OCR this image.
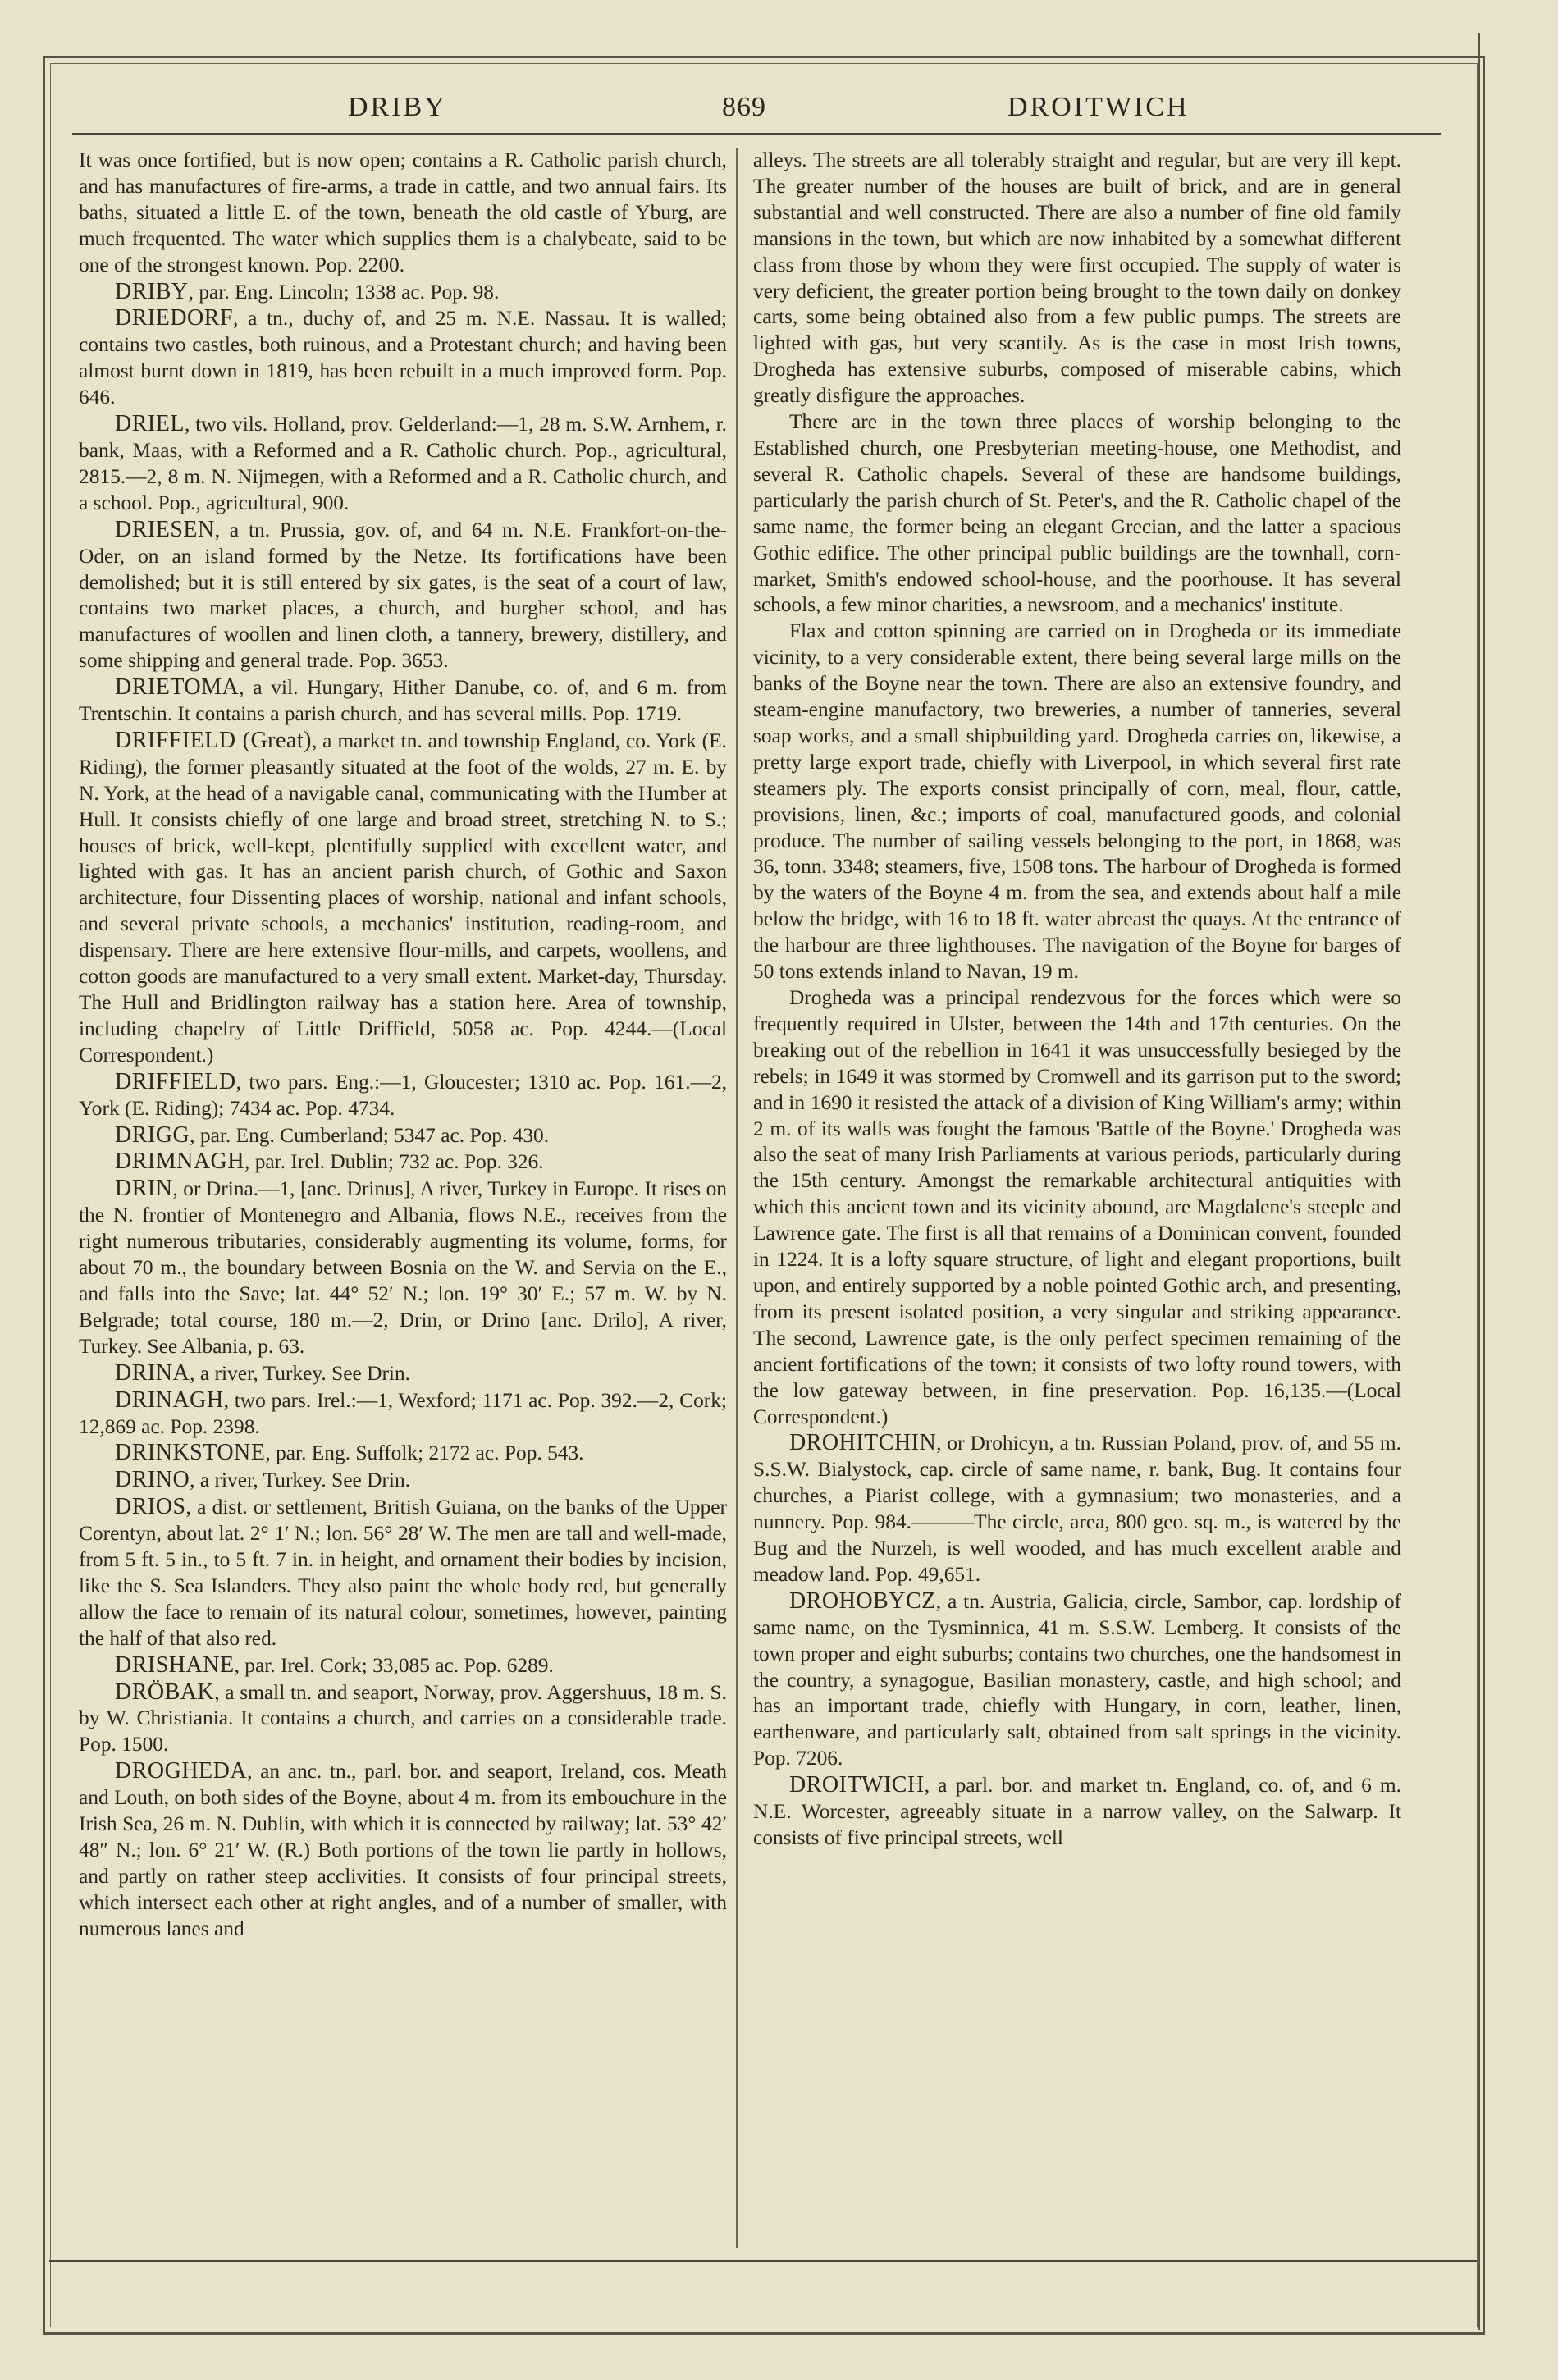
DRIBY	869	DROITWICH

It was once fortified, but is now open; contains a R. Catholic parish church, and has manufactures of fire-arms, a trade in cattle, and two annual fairs. Its baths, situated a little E. of the town, beneath the old castle of Yburg, are much frequented. The water which supplies them is a chalybeate, said to be one of the strongest known. Pop. 2200.

DRIBY, par. Eng. Lincoln; 1338 ac. Pop. 98.

DRIEDORF, a tn., duchy of, and 25 m. N.E. Nassau. It is walled; contains two castles, both ruinous, and a Protestant church; and having been almost burnt down in 1819, has been rebuilt in a much improved form. Pop. 646.

DRIEL, two vils. Holland, prov. Gelderland:—1, 28 m. S.W. Arnhem, r. bank, Maas, with a Reformed and a R. Catholic church. Pop., agricultural, 2815.—2, 8 m. N. Nijmegen, with a Reformed and a R. Catholic church, and a school. Pop., agricultural, 900.

DRIESEN, a tn. Prussia, gov. of, and 64 m. N.E. Frankfort-on-the-Oder, on an island formed by the Netze. Its fortifications have been demolished; but it is still entered by six gates, is the seat of a court of law, contains two market places, a church, and burgher school, and has manufactures of woollen and linen cloth, a tannery, brewery, distillery, and some shipping and general trade. Pop. 3653.

DRIETOMA, a vil. Hungary, Hither Danube, co. of, and 6 m. from Trentschin. It contains a parish church, and has several mills. Pop. 1719.

DRIFFIELD (Great), a market tn. and township England, co. York (E. Riding), the former pleasantly situated at the foot of the wolds, 27 m. E. by N. York, at the head of a navigable canal, communicating with the Humber at Hull. It consists chiefly of one large and broad street, stretching N. to S.; houses of brick, well-kept, plentifully supplied with excellent water, and lighted with gas. It has an ancient parish church, of Gothic and Saxon architecture, four Dissenting places of worship, national and infant schools, and several private schools, a mechanics' institution, reading-room, and dispensary. There are here extensive flour-mills, and carpets, woollens, and cotton goods are manufactured to a very small extent. Market-day, Thursday. The Hull and Bridlington railway has a station here. Area of township, including chapelry of Little Driffield, 5058 ac. Pop. 4244.—(Local Correspondent.)

DRIFFIELD, two pars. Eng.:—1, Gloucester; 1310 ac. Pop. 161.—2, York (E. Riding); 7434 ac. Pop. 4734.

DRIGG, par. Eng. Cumberland; 5347 ac. Pop. 430.

DRIMNAGH, par. Irel. Dublin; 732 ac. Pop. 326.

DRIN, or Drina.—1, [anc. Drinus], A river, Turkey in Europe. It rises on the N. frontier of Montenegro and Albania, flows N.E., receives from the right numerous tributaries, considerably augmenting its volume, forms, for about 70 m., the boundary between Bosnia on the W. and Servia on the E., and falls into the Save; lat. 44° 52′ N.; lon. 19° 30′ E.; 57 m. W. by N. Belgrade; total course, 180 m.—2, Drin, or Drino [anc. Drilo], A river, Turkey. See Albania, p. 63.

DRINA, a river, Turkey. See Drin.

DRINAGH, two pars. Irel.:—1, Wexford; 1171 ac. Pop. 392.—2, Cork; 12,869 ac. Pop. 2398.

DRINKSTONE, par. Eng. Suffolk; 2172 ac. Pop. 543.

DRINO, a river, Turkey. See Drin.

DRIOS, a dist. or settlement, British Guiana, on the banks of the Upper Corentyn, about lat. 2° 1′ N.; lon. 56° 28′ W. The men are tall and well-made, from 5 ft. 5 in., to 5 ft. 7 in. in height, and ornament their bodies by incision, like the S. Sea Islanders. They also paint the whole body red, but generally allow the face to remain of its natural colour, sometimes, however, painting the half of that also red.

DRISHANE, par. Irel. Cork; 33,085 ac. Pop. 6289.

DRÖBAK, a small tn. and seaport, Norway, prov. Aggershuus, 18 m. S. by W. Christiania. It contains a church, and carries on a considerable trade. Pop. 1500.

DROGHEDA, an anc. tn., parl. bor. and seaport, Ireland, cos. Meath and Louth, on both sides of the Boyne, about 4 m. from its embouchure in the Irish Sea, 26 m. N. Dublin, with which it is connected by railway; lat. 53° 42′ 48″ N.; lon. 6° 21′ W. (R.) Both portions of the town lie partly in hollows, and partly on rather steep acclivities. It consists of four principal streets, which intersect each other at right angles, and of a number of smaller, with numerous lanes and

alleys. The streets are all tolerably straight and regular, but are very ill kept. The greater number of the houses are built of brick, and are in general substantial and well constructed. There are also a number of fine old family mansions in the town, but which are now inhabited by a somewhat different class from those by whom they were first occupied. The supply of water is very deficient, the greater portion being brought to the town daily on donkey carts, some being obtained also from a few public pumps. The streets are lighted with gas, but very scantily. As is the case in most Irish towns, Drogheda has extensive suburbs, composed of miserable cabins, which greatly disfigure the approaches.

There are in the town three places of worship belonging to the Established church, one Presbyterian meeting-house, one Methodist, and several R. Catholic chapels. Several of these are handsome buildings, particularly the parish church of St. Peter's, and the R. Catholic chapel of the same name, the former being an elegant Grecian, and the latter a spacious Gothic edifice. The other principal public buildings are the townhall, corn-market, Smith's endowed school-house, and the poorhouse. It has several schools, a few minor charities, a newsroom, and a mechanics' institute.

Flax and cotton spinning are carried on in Drogheda or its immediate vicinity, to a very considerable extent, there being several large mills on the banks of the Boyne near the town. There are also an extensive foundry, and steam-engine manufactory, two breweries, a number of tanneries, several soap works, and a small shipbuilding yard. Drogheda carries on, likewise, a pretty large export trade, chiefly with Liverpool, in which several first rate steamers ply. The exports consist principally of corn, meal, flour, cattle, provisions, linen, &c.; imports of coal, manufactured goods, and colonial produce. The number of sailing vessels belonging to the port, in 1868, was 36, tonn. 3348; steamers, five, 1508 tons. The harbour of Drogheda is formed by the waters of the Boyne 4 m. from the sea, and extends about half a mile below the bridge, with 16 to 18 ft. water abreast the quays. At the entrance of the harbour are three lighthouses. The navigation of the Boyne for barges of 50 tons extends inland to Navan, 19 m.

Drogheda was a principal rendezvous for the forces which were so frequently required in Ulster, between the 14th and 17th centuries. On the breaking out of the rebellion in 1641 it was unsuccessfully besieged by the rebels; in 1649 it was stormed by Cromwell and its garrison put to the sword; and in 1690 it resisted the attack of a division of King William's army; within 2 m. of its walls was fought the famous 'Battle of the Boyne.' Drogheda was also the seat of many Irish Parliaments at various periods, particularly during the 15th century. Amongst the remarkable architectural antiquities with which this ancient town and its vicinity abound, are Magdalene's steeple and Lawrence gate. The first is all that remains of a Dominican convent, founded in 1224. It is a lofty square structure, of light and elegant proportions, built upon, and entirely supported by a noble pointed Gothic arch, and presenting, from its present isolated position, a very singular and striking appearance. The second, Lawrence gate, is the only perfect specimen remaining of the ancient fortifications of the town; it consists of two lofty round towers, with the low gateway between, in fine preservation. Pop. 16,135.—(Local Correspondent.)

DROHITCHIN, or Drohicyn, a tn. Russian Poland, prov. of, and 55 m. S.S.W. Bialystock, cap. circle of same name, r. bank, Bug. It contains four churches, a Piarist college, with a gymnasium; two monasteries, and a nunnery. Pop. 984.———The circle, area, 800 geo. sq. m., is watered by the Bug and the Nurzeh, is well wooded, and has much excellent arable and meadow land. Pop. 49,651.

DROHOBYCZ, a tn. Austria, Galicia, circle, Sambor, cap. lordship of same name, on the Tysminnica, 41 m. S.S.W. Lemberg. It consists of the town proper and eight suburbs; contains two churches, one the handsomest in the country, a synagogue, Basilian monastery, castle, and high school; and has an important trade, chiefly with Hungary, in corn, leather, linen, earthenware, and particularly salt, obtained from salt springs in the vicinity. Pop. 7206.

DROITWICH, a parl. bor. and market tn. England, co. of, and 6 m. N.E. Worcester, agreeably situate in a narrow valley, on the Salwarp. It consists of five principal streets, well
